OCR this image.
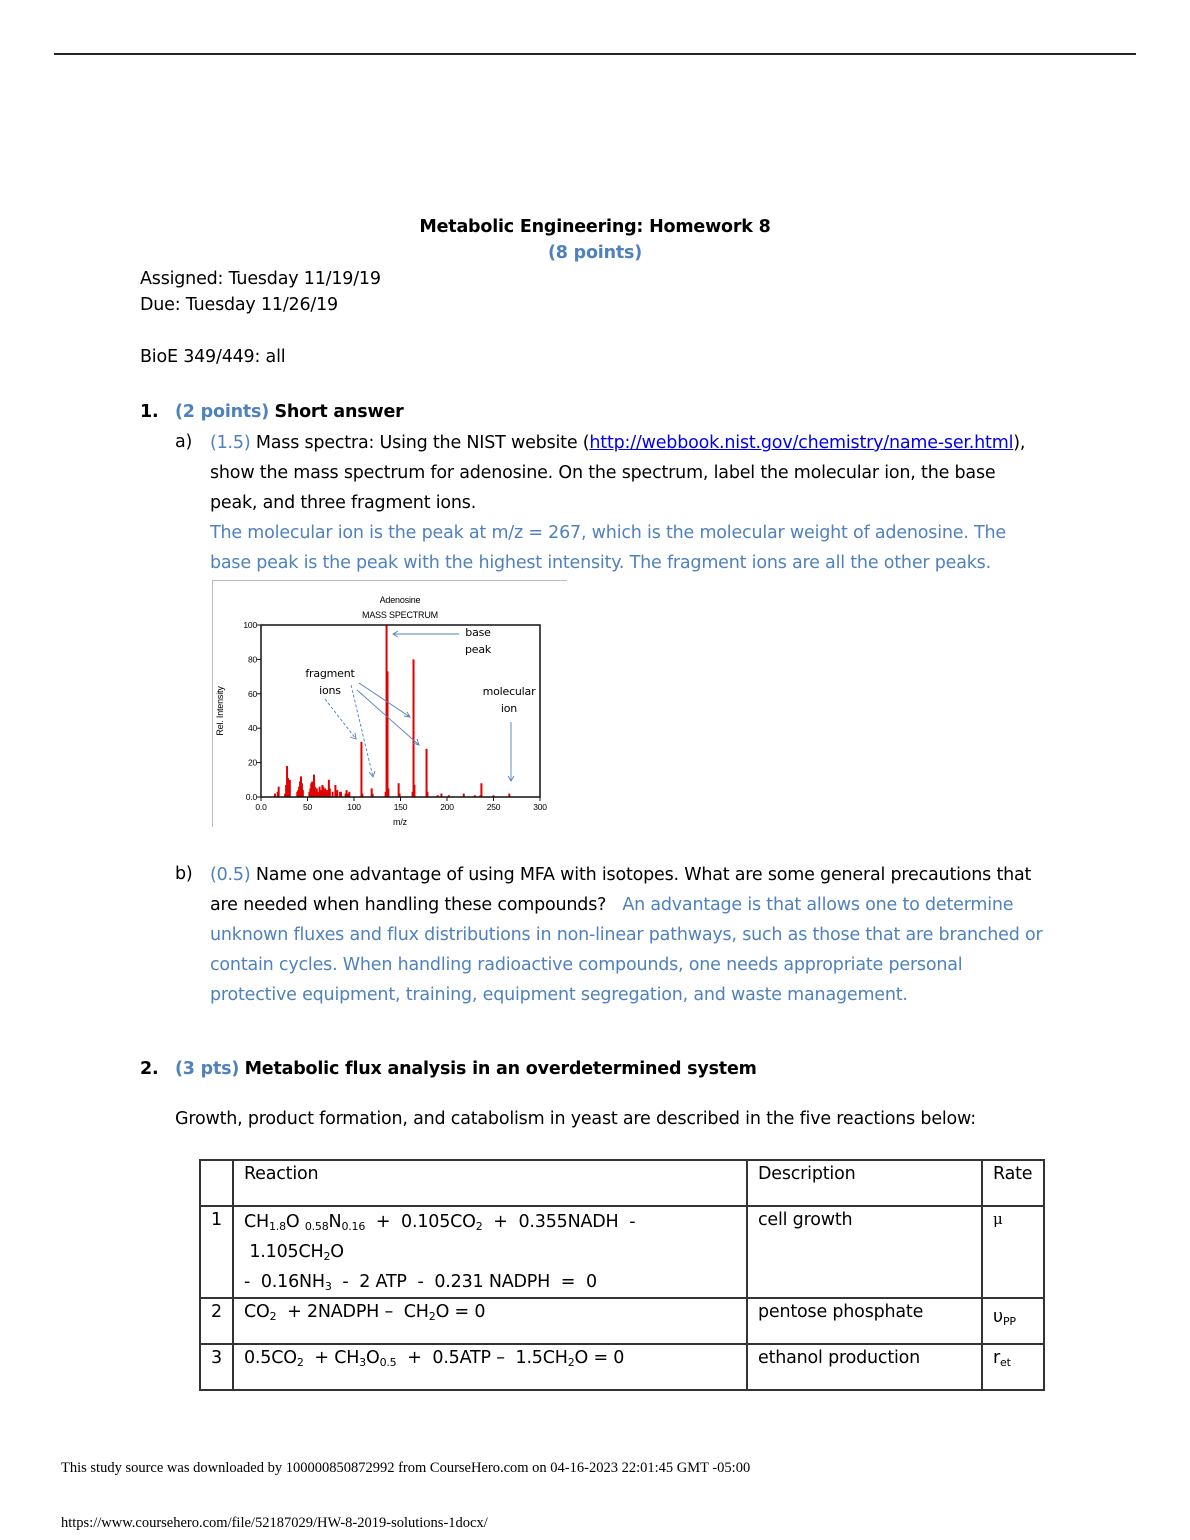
Metabolic Engineering: Homework 8
(8 points)
Assigned: Tuesday 11/19/19
Due: Tuesday 11/26/19
BioE 349/449: all
1. (2 points) Short answer
a) (1.5) Mass spectra: Using the NIST website (http://webbook.nist.gov/chemistry/name-ser.html),
show the mass spectrum for adenosine. On the spectrum, label the molecular ion, the base
peak, and three fragment ions.
The molecular ion is the peak at m/z = 267, which is the molecular weight of adenosine. The
base peak is the peak with the highest intensity. The fragment ions are all the other peaks.
Adenosine
MASS SPECTRUM
0.0
20
40
60
80
100
0.0	50	100	150	200	250	300
Rel. Intensity
m/z
base
peak
fragment
ions	molecular
ion
b) (0.5) Name one advantage of using MFA with isotopes. What are some general precautions that
are needed when handling these compounds? An advantage is that allows one to determine
unknown fluxes and flux distributions in non-linear pathways, such as those that are branched or
contain cycles. When handling radioactive compounds, one needs appropriate personal
protective equipment, training, equipment segregation, and waste management.
2. (3 pts) Metabolic flux analysis in an overdetermined system
Growth, product formation, and catabolism in yeast are described in the five reactions below:
	Reaction	Description	Rate
1	$CH_{1.8}O$ $_{0.58}N_{0.16} + 0.105CO_2$  +  0.355NADH  -  $1.105CH_2O$
-  $0.16NH_3 - 2$ ATP  -  0.231 NADPH  =  0	cell growth	μ
2	$CO_2$  + 2NADPH –  $CH_2O = 0$	pentose phosphate	$\upsilon_{PP}$
3	$0.5CO_2 + CH_3O_{0.5} + 0.5ATP - 1.5CH_2O = 0$	ethanol production	$r_{et}$
This study source was downloaded by 100000850872992 from CourseHero.com on 04-16-2023 22:01:45 GMT -05:00
https://www.coursehero.com/file/52187029/HW-8-2019-solutions-1docx/
